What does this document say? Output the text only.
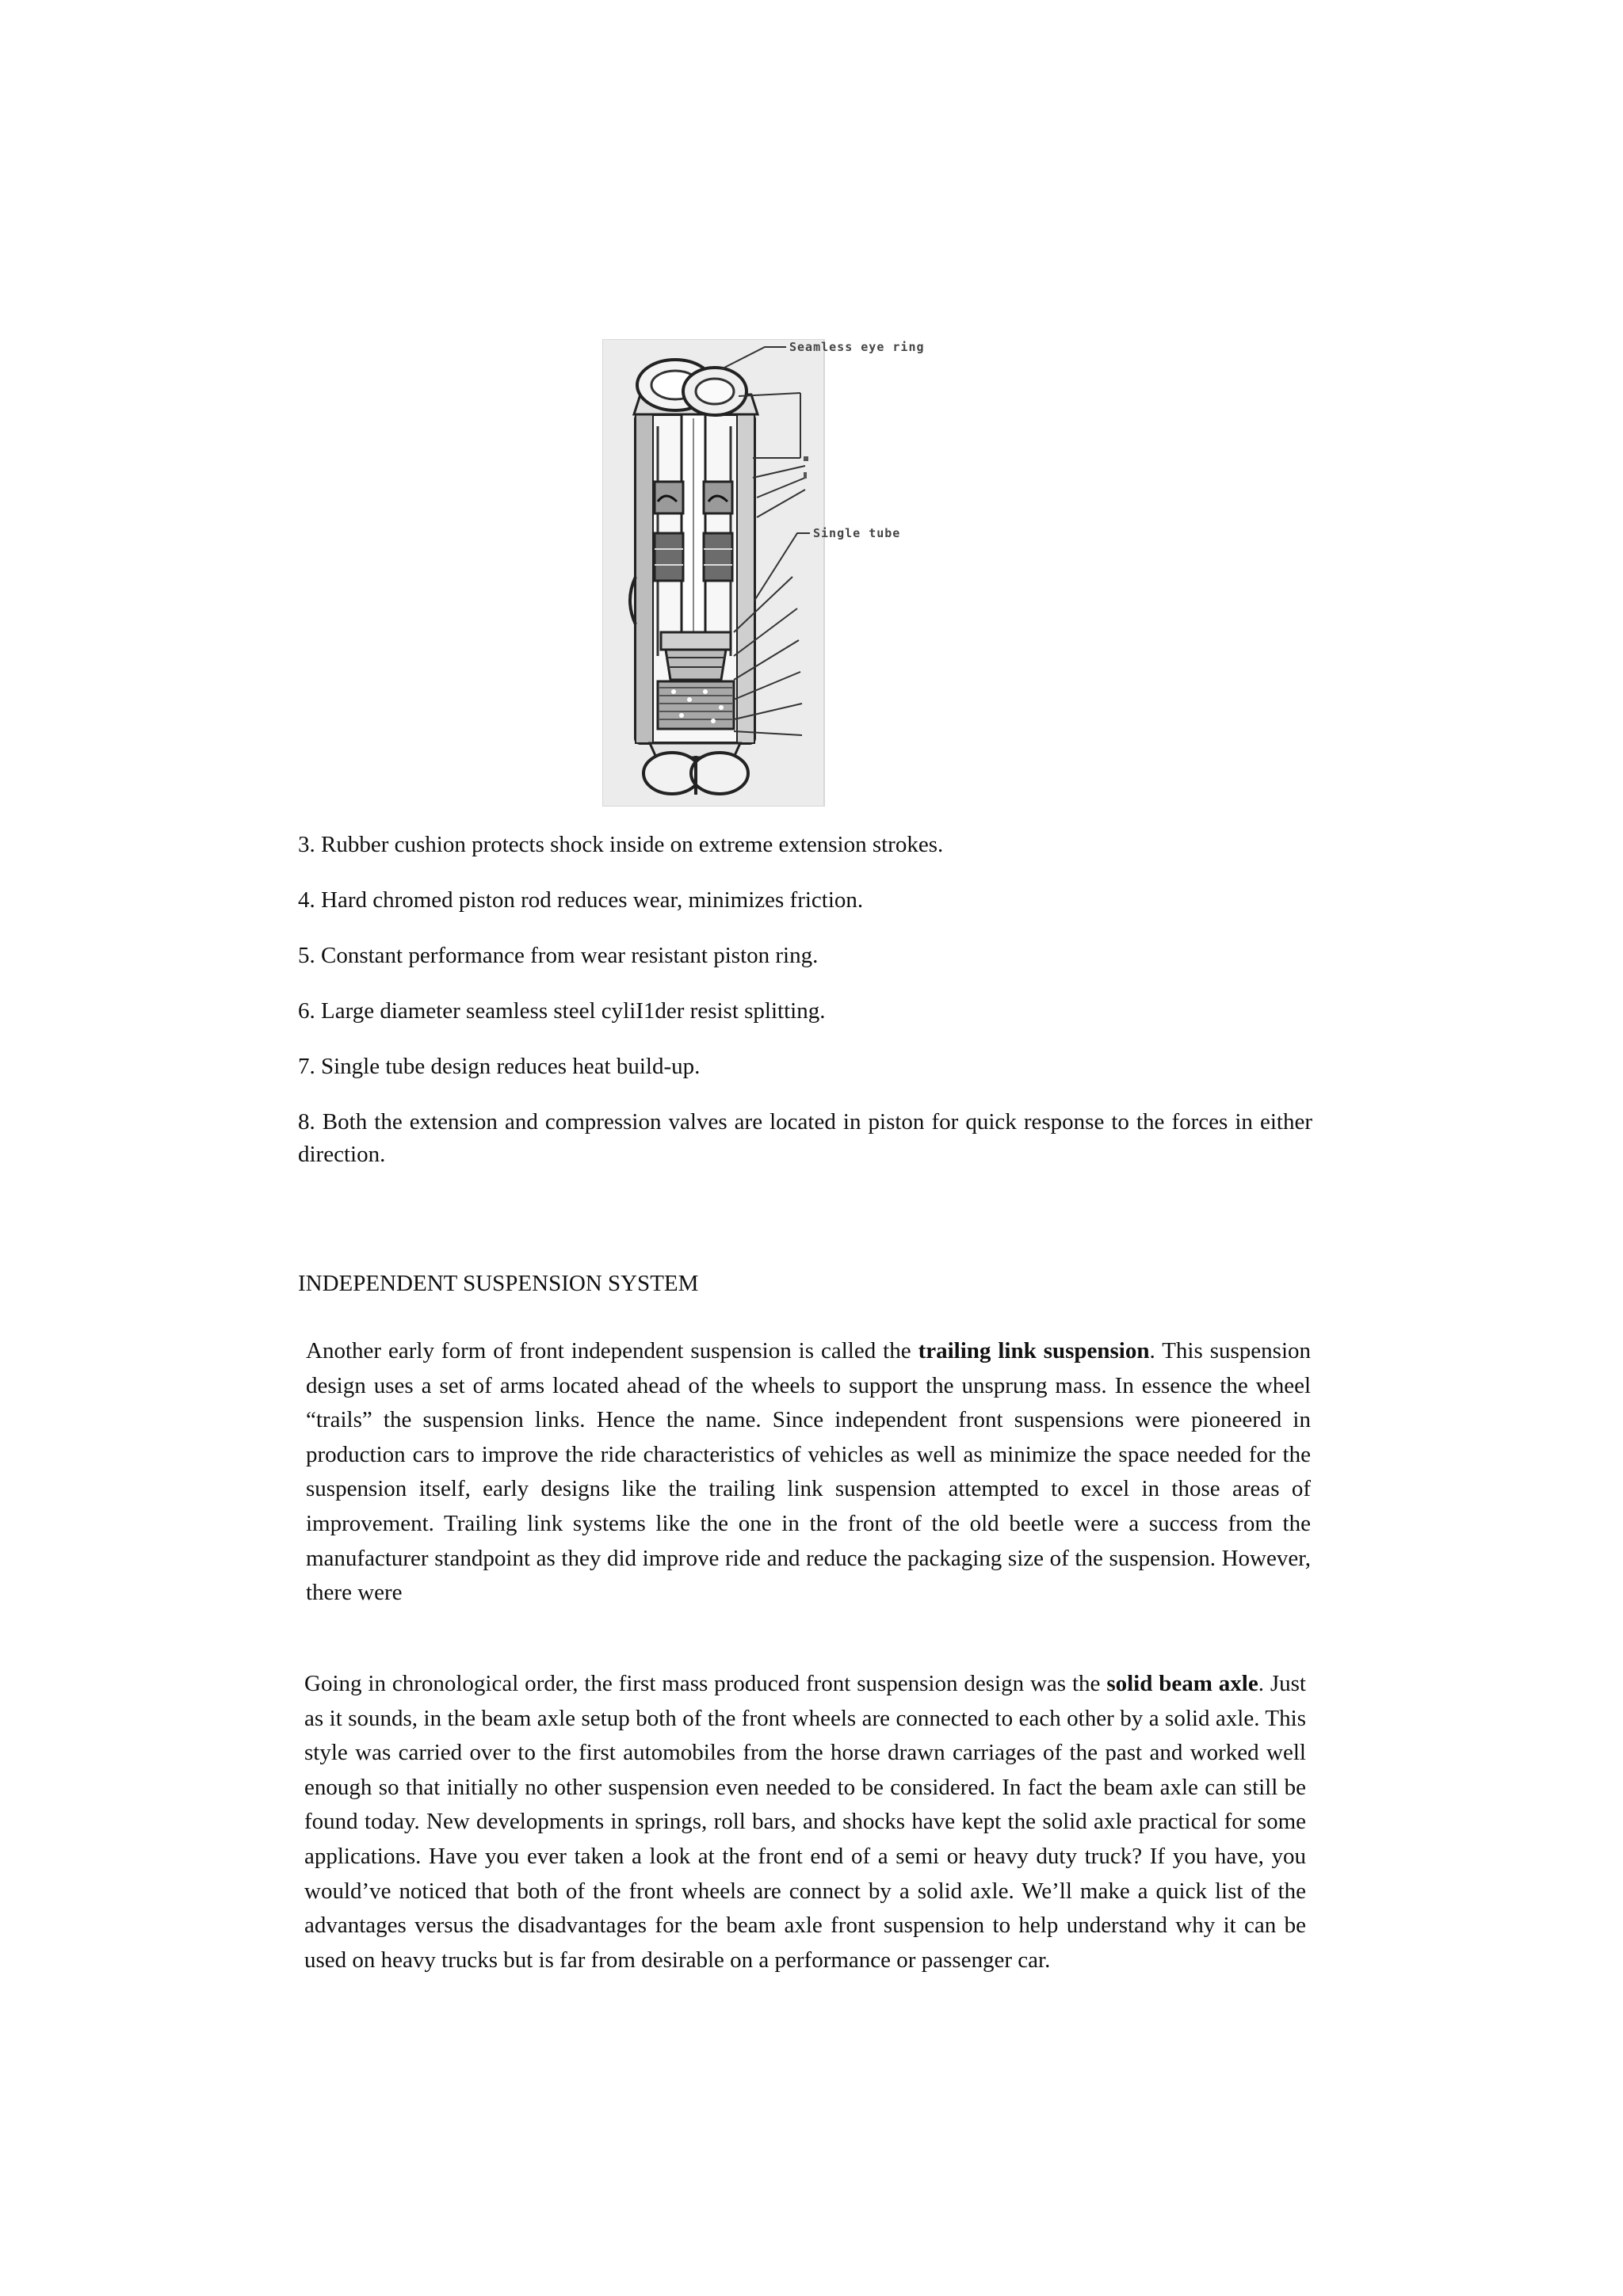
Seamless eye ring
Single tube

3. Rubber cushion protects shock inside on extreme extension strokes.

4. Hard chromed piston rod reduces wear, minimizes friction.

5. Constant performance from wear resistant piston ring.

6. Large diameter seamless steel cyliI1der resist splitting.

7. Single tube design reduces heat build-up.

8. Both the extension and compression valves are located in piston for quick response to the forces in either direction.

INDEPENDENT SUSPENSION SYSTEM

Another early form of front independent suspension is called the trailing link suspension. This suspension design uses a set of arms located ahead of the wheels to support the unsprung mass. In essence the wheel “trails” the suspension links. Hence the name. Since independent front suspensions were pioneered in production cars to improve the ride characteristics of vehicles as well as minimize the space needed for the suspension itself, early designs like the trailing link suspension attempted to excel in those areas of improvement. Trailing link systems like the one in the front of the old beetle were a success from the manufacturer standpoint as they did improve ride and reduce the packaging size of the suspension. However, there were

Going in chronological order, the first mass produced front suspension design was the solid beam axle. Just as it sounds, in the beam axle setup both of the front wheels are connected to each other by a solid axle. This style was carried over to the first automobiles from the horse drawn carriages of the past and worked well enough so that initially no other suspension even needed to be considered. In fact the beam axle can still be found today. New developments in springs, roll bars, and shocks have kept the solid axle practical for some applications. Have you ever taken a look at the front end of a semi or heavy duty truck? If you have, you would’ve noticed that both of the front wheels are connect by a solid axle. We’ll make a quick list of the advantages versus the disadvantages for the beam axle front suspension to help understand why it can be used on heavy trucks but is far from desirable on a performance or passenger car.
